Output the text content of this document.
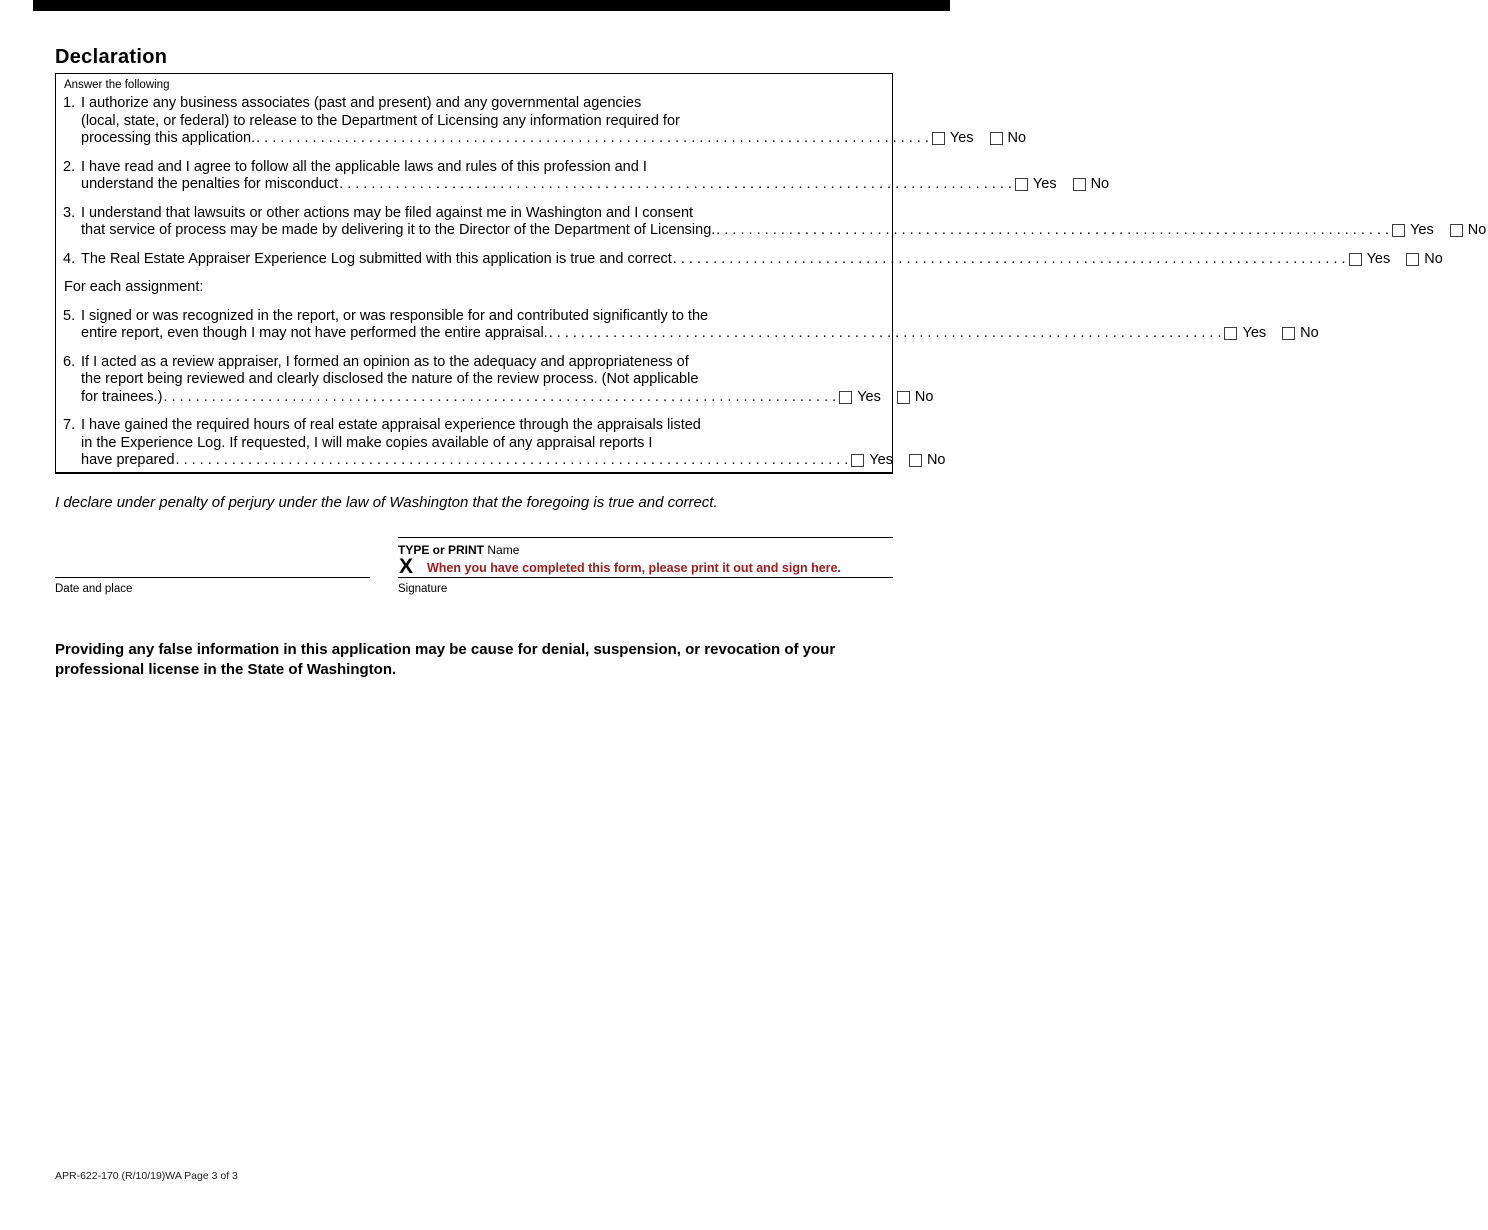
Declaration
Answer the following
1. I authorize any business associates (past and present) and any governmental agencies
(local, state, or federal) to release to the Department of Licensing any information required for
processing this application. . . .	Yes No
2. I have read and I agree to follow all the applicable laws and rules of this profession and I
understand the penalties for misconduct . . .	Yes No
3. I understand that lawsuits or other actions may be filed against me in Washington and I consent
that service of process may be made by delivering it to the Director of the Department of Licensing. . . .	Yes No
4. The Real Estate Appraiser Experience Log submitted with this application is true and correct . . .	Yes No
For each assignment:
5. I signed or was recognized in the report, or was responsible for and contributed significantly to the
entire report, even though I may not have performed the entire appraisal. . . .	Yes No
6. If I acted as a review appraiser, I formed an opinion as to the adequacy and appropriateness of
the report being reviewed and clearly disclosed the nature of the review process. (Not applicable
for trainees.) . . .	Yes No
7. I have gained the required hours of real estate appraisal experience through the appraisals listed
in the Experience Log. If requested, I will make copies available of any appraisal reports I
have prepared . . .	Yes No

I declare under penalty of perjury under the law of Washington that the foregoing is true and correct.

TYPE or PRINT Name
X When you have completed this form, please print it out and sign here.
Date and place	Signature

Providing any false information in this application may be cause for denial, suspension, or revocation of your professional license in the State of Washington.

APR-622-170 (R/10/19)WA Page 3 of 3
